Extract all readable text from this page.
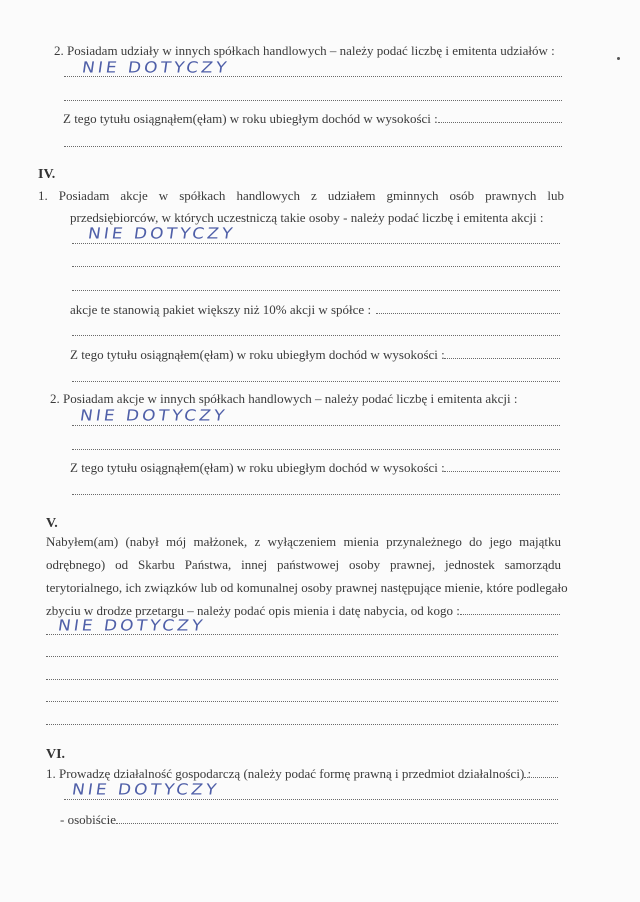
2. Posiadam udziały w innych spółkach handlowych – należy podać liczbę i emitenta udziałów :
NIE DOTYCZY
Z tego tytułu osiągnąłem(ęłam) w roku ubiegłym dochód w wysokości :
IV.
1. Posiadam akcje w spółkach handlowych z udziałem gminnych osób prawnych lub
przedsiębiorców, w których uczestniczą takie osoby - należy podać liczbę i emitenta akcji :
NIE DOTYCZY
akcje te stanowią pakiet większy niż 10% akcji w spółce :
Z tego tytułu osiągnąłem(ęłam) w roku ubiegłym dochód w wysokości :
2. Posiadam akcje w innych spółkach handlowych – należy podać liczbę i emitenta akcji :
NIE DOTYCZY
Z tego tytułu osiągnąłem(ęłam) w roku ubiegłym dochód w wysokości :
V.
Nabyłem(am) (nabył mój małżonek, z wyłączeniem mienia przynależnego do jego majątku
odrębnego) od Skarbu Państwa, innej państwowej osoby prawnej, jednostek samorządu
terytorialnego, ich związków lub od komunalnej osoby prawnej następujące mienie, które podlegało
zbyciu w drodze przetargu – należy podać opis mienia i datę nabycia, od kogo :
NIE DOTYCZY
VI.
1. Prowadzę działalność gospodarczą (należy podać formę prawną i przedmiot działalności) :
NIE DOTYCZY
- osobiście
